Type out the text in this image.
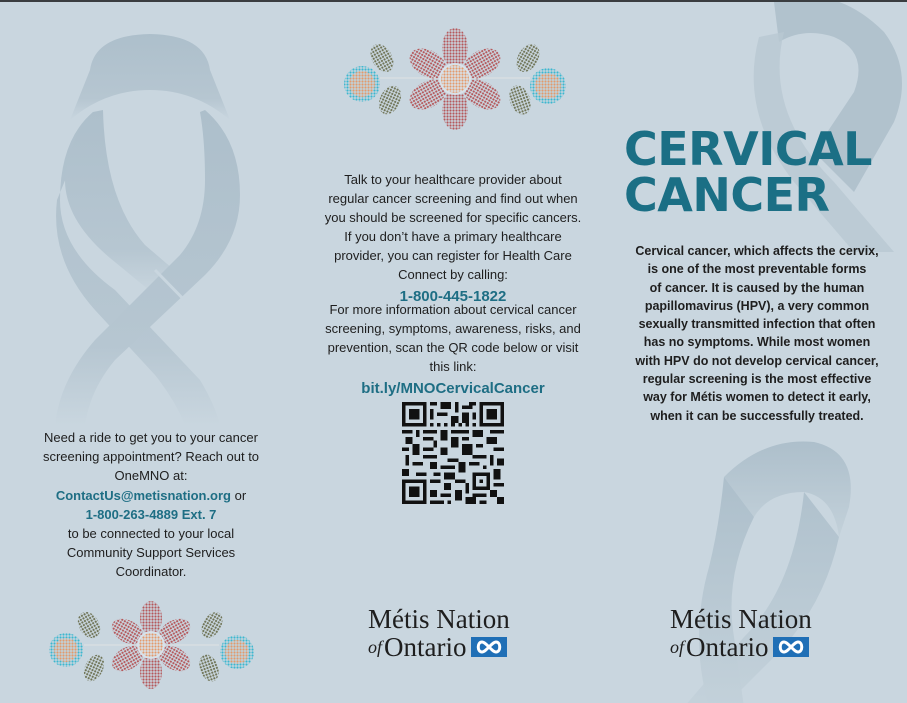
Need a ride to get you to your cancer
screening appointment? Reach out to
OneMNO at:
ContactUs@metisnation.org or
1-800-263-4889 Ext. 7
to be connected to your local
Community Support Services
Coordinator.
Talk to your healthcare provider about
regular cancer screening and find out when
you should be screened for specific cancers.
If you don’t have a primary healthcare
provider, you can register for Health Care
Connect by calling:
1-800-445-1822
For more information about cervical cancer
screening, symptoms, awareness, risks, and
prevention, scan the QR code below or visit
this link:
bit.ly/MNOCervicalCancer
Métis Nation
of Ontario
CERVICAL
CANCER
Cervical cancer, which affects the cervix,
is one of the most preventable forms
of cancer. It is caused by the human
papillomavirus (HPV), a very common
sexually transmitted infection that often
has no symptoms. While most women
with HPV do not develop cervical cancer,
regular screening is the most effective
way for Métis women to detect it early,
when it can be successfully treated.
Métis Nation
of Ontario
